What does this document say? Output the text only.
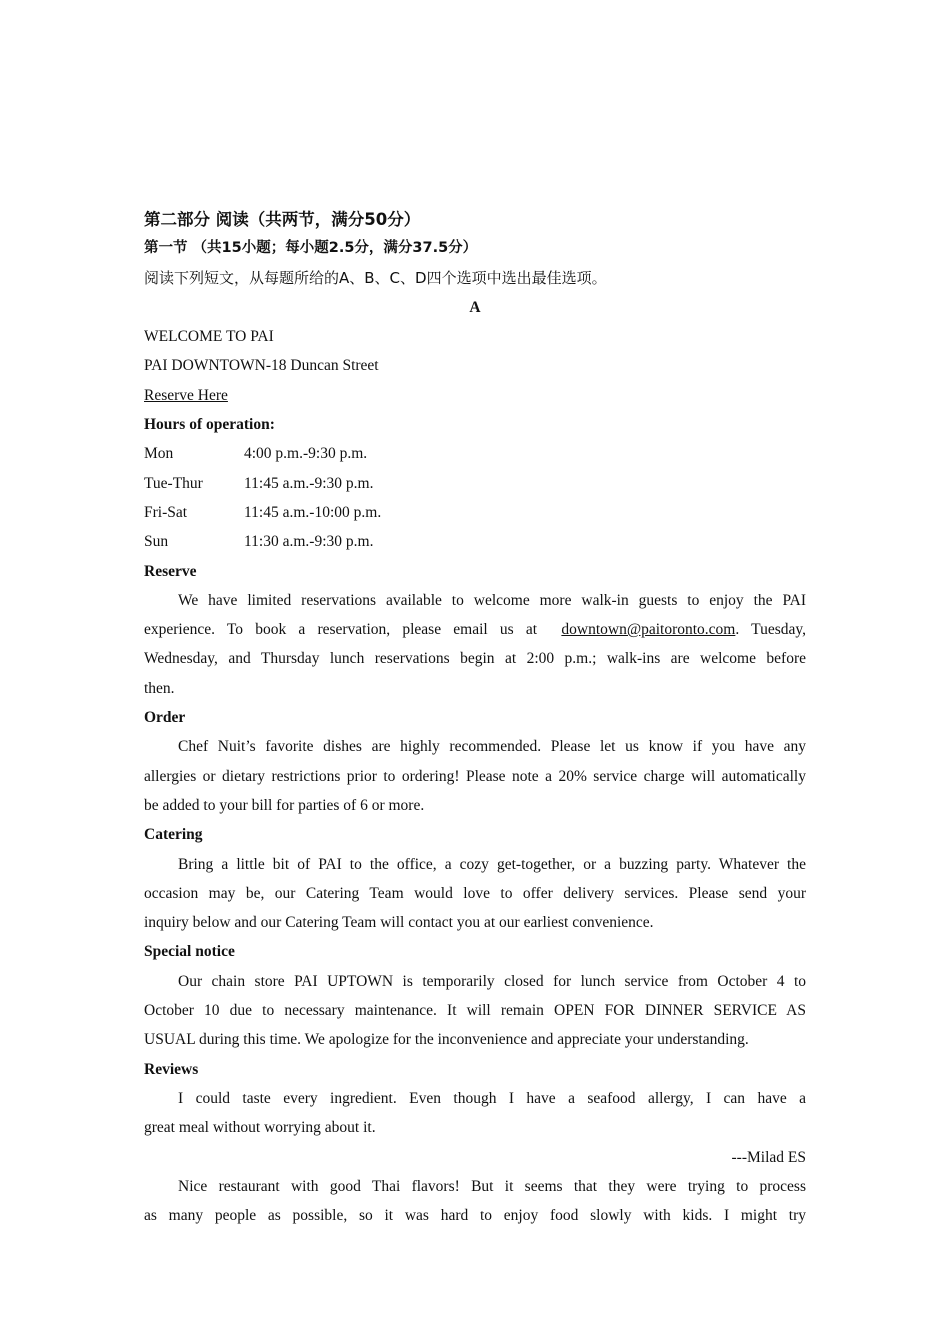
第二部分 阅读（共两节，满分50分）
第一节 （共15小题；每小题2.5分，满分37.5分）
阅读下列短文，从每题所给的A、B、C、D四个选项中选出最佳选项。
A
WELCOME TO PAI
PAI DOWNTOWN-18 Duncan Street
Reserve Here
Hours of operation:
Mon	4:00 p.m.-9:30 p.m.
Tue-Thur	11:45 a.m.-9:30 p.m.
Fri-Sat	11:45 a.m.-10:00 p.m.
Sun	11:30 a.m.-9:30 p.m.
Reserve
We have limited reservations available to welcome more walk-in guests to enjoy the PAI
experience. To book a reservation, please email us at downtown@paitoronto.com. Tuesday,
Wednesday, and Thursday lunch reservations begin at 2:00 p.m.; walk-ins are welcome before
then.
Order
Chef Nuit’s favorite dishes are highly recommended. Please let us know if you have any
allergies or dietary restrictions prior to ordering! Please note a 20% service charge will automatically
be added to your bill for parties of 6 or more.
Catering
Bring a little bit of PAI to the office, a cozy get-together, or a buzzing party. Whatever the
occasion may be, our Catering Team would love to offer delivery services. Please send your
inquiry below and our Catering Team will contact you at our earliest convenience.
Special notice
Our chain store PAI UPTOWN is temporarily closed for lunch service from October 4 to
October 10 due to necessary maintenance. It will remain OPEN FOR DINNER SERVICE AS
USUAL during this time. We apologize for the inconvenience and appreciate your understanding.
Reviews
I could taste every ingredient. Even though I have a seafood allergy, I can have a
great meal without worrying about it.
---Milad ES
Nice restaurant with good Thai flavors! But it seems that they were trying to process
as many people as possible, so it was hard to enjoy food slowly with kids. I might try
